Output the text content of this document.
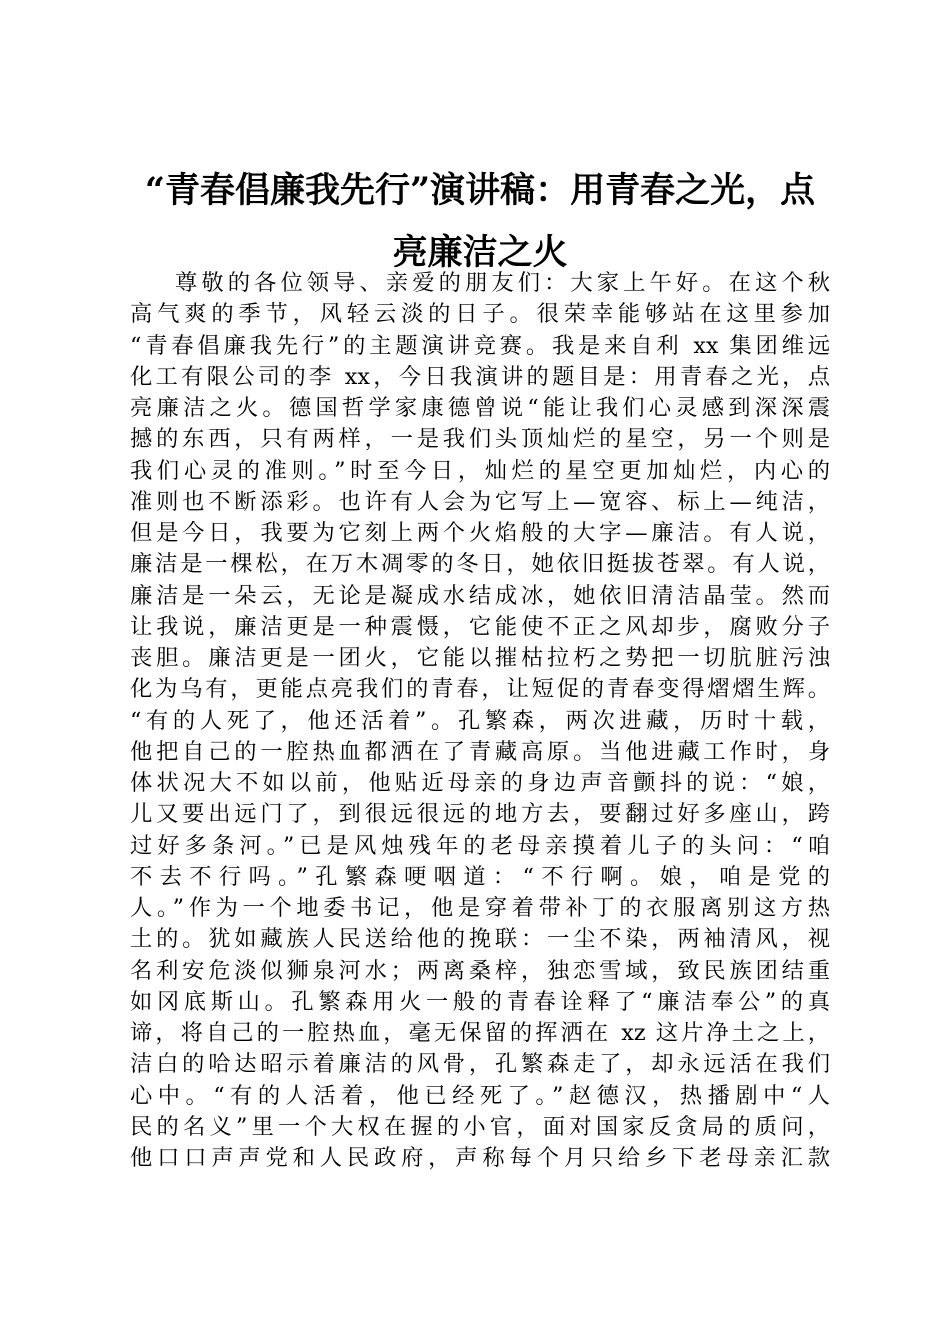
“青春倡廉我先行”演讲稿：用青春之光，点
亮廉洁之火
尊敬的各位领导、亲爱的朋友们：大家上午好。在这个秋
高气爽的季节，风轻云淡的日子。很荣幸能够站在这里参加
“青春倡廉我先行”的主题演讲竞赛。我是来自利 xx 集团维远
化工有限公司的李 xx，今日我演讲的题目是：用青春之光，点
亮廉洁之火。德国哲学家康德曾说“能让我们心灵感到深深震
撼的东西，只有两样，一是我们头顶灿烂的星空，另一个则是
我们心灵的准则。”时至今日，灿烂的星空更加灿烂，内心的
准则也不断添彩。也许有人会为它写上—宽容、标上—纯洁，
但是今日，我要为它刻上两个火焰般的大字—廉洁。有人说，
廉洁是一棵松，在万木凋零的冬日，她依旧挺拔苍翠。有人说，
廉洁是一朵云，无论是凝成水结成冰，她依旧清洁晶莹。然而
让我说，廉洁更是一种震慑，它能使不正之风却步，腐败分子
丧胆。廉洁更是一团火，它能以摧枯拉朽之势把一切肮脏污浊
化为乌有，更能点亮我们的青春，让短促的青春变得熠熠生辉。
“有的人死了，他还活着”。孔繁森，两次进藏，历时十载，
他把自己的一腔热血都洒在了青藏高原。当他进藏工作时，身
体状况大不如以前，他贴近母亲的身边声音颤抖的说：“娘，
儿又要出远门了，到很远很远的地方去，要翻过好多座山，跨
过好多条河。”已是风烛残年的老母亲摸着儿子的头问：“咱
不去不行吗。”孔繁森哽咽道：“不行啊。娘，咱是党的
人。”作为一个地委书记，他是穿着带补丁的衣服离别这方热
土的。犹如藏族人民送给他的挽联：一尘不染，两袖清风，视
名利安危淡似狮泉河水；两离桑梓，独恋雪域，致民族团结重
如冈底斯山。孔繁森用火一般的青春诠释了“廉洁奉公”的真
谛，将自己的一腔热血，毫无保留的挥洒在 xz 这片净土之上，
洁白的哈达昭示着廉洁的风骨，孔繁森走了，却永远活在我们
心中。“有的人活着，他已经死了。”赵德汉，热播剧中“人
民的名义”里一个大权在握的小官，面对国家反贪局的质问，
他口口声声党和人民政府，声称每个月只给乡下老母亲汇款
